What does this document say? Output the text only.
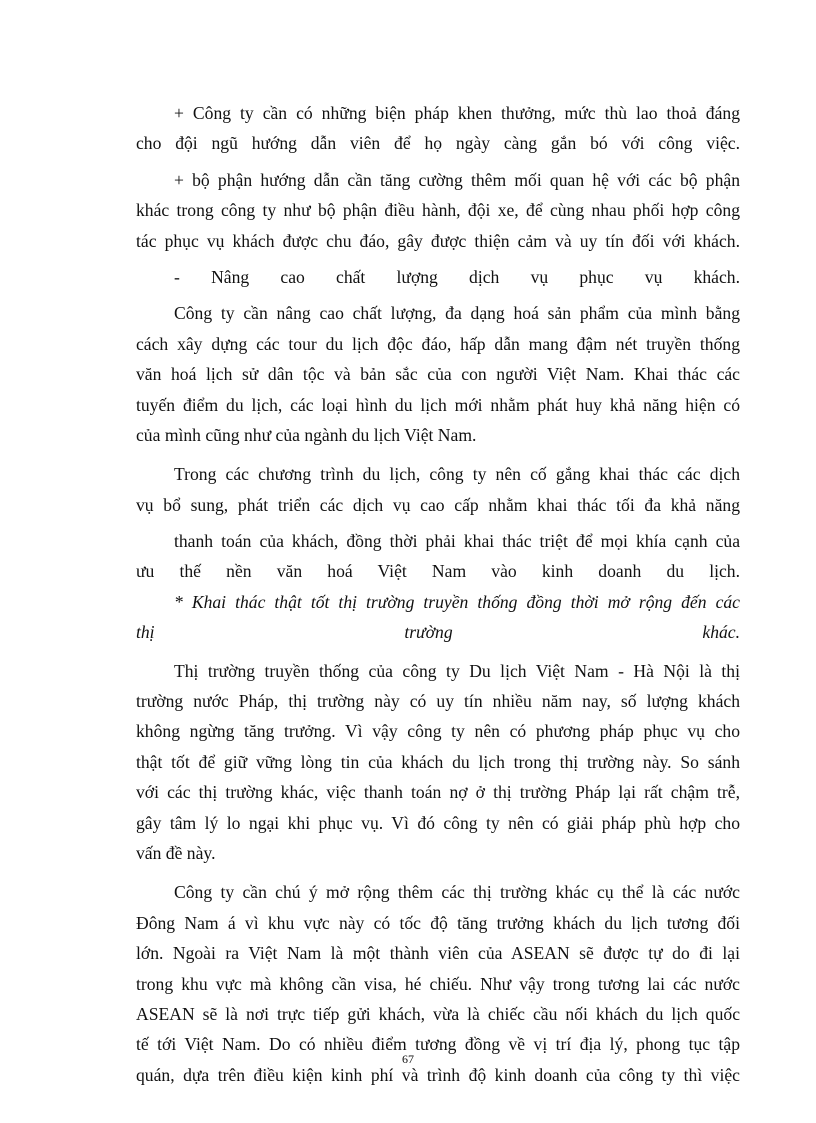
+ Công ty cần có những biện pháp khen thưởng, mức thù lao thoả đáng
cho đội ngũ hướng dẫn viên để họ ngày càng gắn bó với công việc.
+ bộ phận hướng dẫn cần tăng cường thêm mối quan hệ với các bộ phận
khác trong công ty như bộ phận điều hành, đội xe, để cùng nhau phối hợp công
tác phục vụ khách được chu đáo, gây được thiện cảm và uy tín đối với khách.
- Nâng cao chất lượng dịch vụ phục vụ khách.
Công ty cần nâng cao chất lượng, đa dạng hoá sản phẩm của mình bằng
cách xây dựng các tour du lịch độc đáo, hấp dẫn mang đậm nét truyền thống
văn hoá lịch sử dân tộc và bản sắc của con người Việt Nam. Khai thác các
tuyến điểm du lịch, các loại hình du lịch mới nhằm phát huy khả năng hiện có
của mình cũng như của ngành du lịch Việt Nam.
Trong các chương trình du lịch, công ty nên cố gắng khai thác các dịch
vụ bổ sung, phát triển các dịch vụ cao cấp nhằm khai thác tối đa khả năng
thanh toán của khách, đồng thời phải khai thác triệt để mọi khía cạnh của
ưu thế nền văn hoá Việt Nam vào kinh doanh du lịch.
* Khai thác thật tốt thị trường truyền thống đồng thời mở rộng đến các
thị trường khác.
Thị trường truyền thống của công ty Du lịch Việt Nam - Hà Nội là thị
trường nước Pháp, thị trường này có uy tín nhiều năm nay, số lượng khách
không ngừng tăng trưởng. Vì vậy công ty nên có phương pháp phục vụ cho
thật tốt để giữ vững lòng tin của khách du lịch trong thị trường này. So sánh
với các thị trường khác, việc thanh toán nợ ở thị trường Pháp lại rất chậm trễ,
gây tâm lý lo ngại khi phục vụ. Vì đó công ty nên có giải pháp phù hợp cho
vấn đề này.
Công ty cần chú ý mở rộng thêm các thị trường khác cụ thể là các nước
Đông Nam á vì khu vực này có tốc độ tăng trưởng khách du lịch tương đối
lớn. Ngoài ra Việt Nam là một thành viên của ASEAN sẽ được tự do đi lại
trong khu vực mà không cần visa, hé chiếu. Như vậy trong tương lai các nước
ASEAN sẽ là nơi trực tiếp gửi khách, vừa là chiếc cầu nối khách du lịch quốc
tế tới Việt Nam. Do có nhiều điểm tương đồng về vị trí địa lý, phong tục tập
quán, dựa trên điều kiện kinh phí và trình độ kinh doanh của công ty thì việc
67
